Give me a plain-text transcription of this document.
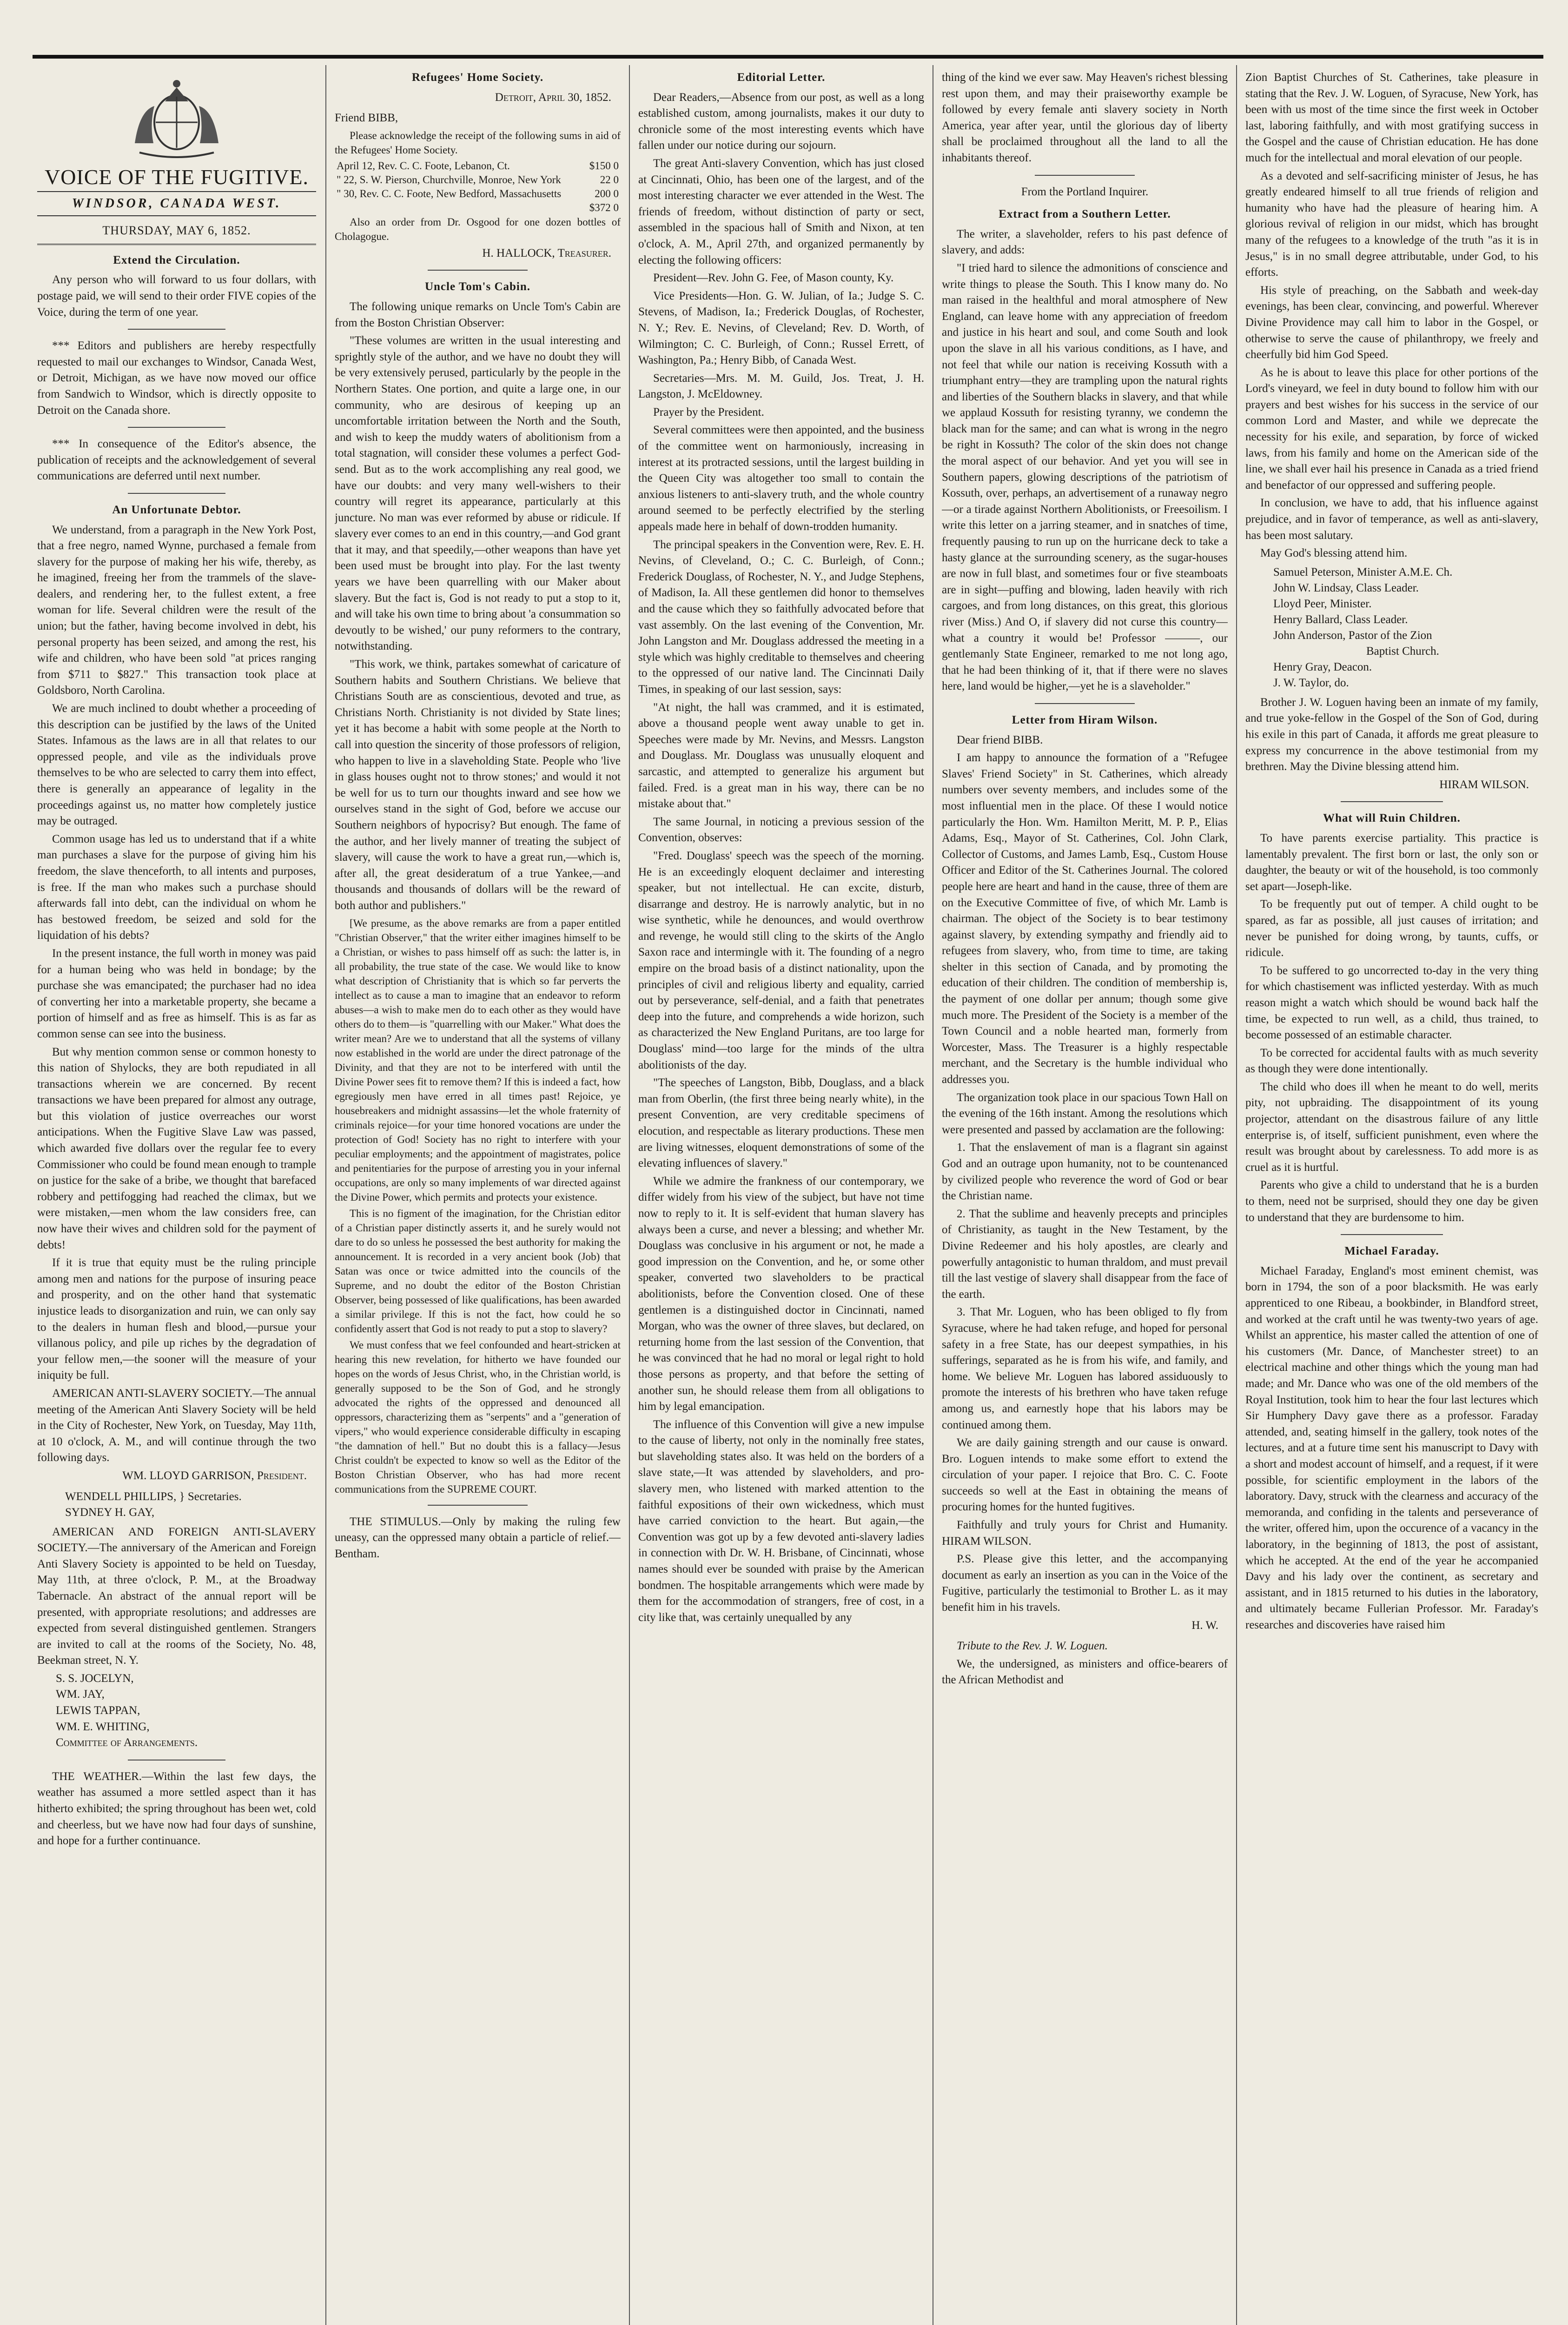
VOICE OF THE FUGITIVE.
WINDSOR, CANADA WEST.
THURSDAY, MAY 6, 1852.
Extend the Circulation.

Any person who will forward to us four dollars, with postage paid, we will send to their order FIVE copies of the Voice, during the term of one year.

*** Editors and publishers are hereby respectfully requested to mail our exchanges to Windsor, Canada West, or Detroit, Michigan, as we have now moved our office from Sandwich to Windsor, which is directly opposite to Detroit on the Canada shore.

*** In consequence of the Editor's absence, the publication of receipts and the acknowledgement of several communications are deferred until next number.

An Unfortunate Debtor.

We understand, from a paragraph in the New York Post, that a free negro, named Wynne, purchased a female from slavery for the purpose of making her his wife, thereby, as he imagined, freeing her from the trammels of the slave-dealers, and rendering her, to the fullest extent, a free woman for life. Several children were the result of the union; but the father, having become involved in debt, his personal property has been seized, and among the rest, his wife and children, who have been sold "at prices ranging from $711 to $827." This transaction took place at Goldsboro, North Carolina.

We are much inclined to doubt whether a proceeding of this description can be justified by the laws of the United States. Infamous as the laws are in all that relates to our oppressed people, and vile as the individuals prove themselves to be who are selected to carry them into effect, there is generally an appearance of legality in the proceedings against us, no matter how completely justice may be outraged.

Common usage has led us to understand that if a white man purchases a slave for the purpose of giving him his freedom, the slave thenceforth, to all intents and purposes, is free. If the man who makes such a purchase should afterwards fall into debt, can the individual on whom he has bestowed freedom, be seized and sold for the liquidation of his debts?

In the present instance, the full worth in money was paid for a human being who was held in bondage; by the purchase she was emancipated; the purchaser had no idea of converting her into a marketable property, she became a portion of himself and as free as himself. This is as far as common sense can see into the business.

But why mention common sense or common honesty to this nation of Shylocks, they are both repudiated in all transactions wherein we are concerned. By recent transactions we have been prepared for almost any outrage, but this violation of justice overreaches our worst anticipations. When the Fugitive Slave Law was passed, which awarded five dollars over the regular fee to every Commissioner who could be found mean enough to trample on justice for the sake of a bribe, we thought that barefaced robbery and pettifogging had reached the climax, but we were mistaken,—men whom the law considers free, can now have their wives and children sold for the payment of debts!

If it is true that equity must be the ruling principle among men and nations for the purpose of insuring peace and prosperity, and on the other hand that systematic injustice leads to disorganization and ruin, we can only say to the dealers in human flesh and blood,—pursue your villanous policy, and pile up riches by the degradation of your fellow men,—the sooner will the measure of your iniquity be full.

AMERICAN ANTI-SLAVERY SOCIETY.—The annual meeting of the American Anti Slavery Society will be held in the City of Rochester, New York, on Tuesday, May 11th, at 10 o'clock, A. M., and will continue through the two following days.

WM. LLOYD GARRISON, President.
WENDELL PHILLIPS, } Secretaries.
SYDNEY H. GAY,

AMERICAN AND FOREIGN ANTI-SLAVERY SOCIETY.—The anniversary of the American and Foreign Anti Slavery Society is appointed to be held on Tuesday, May 11th, at three o'clock, P. M., at the Broadway Tabernacle. An abstract of the annual report will be presented, with appropriate resolutions; and addresses are expected from several distinguished gentlemen. Strangers are invited to call at the rooms of the Society, No. 48, Beekman street, N. Y.

S. S. JOCELYN,
WM. JAY,
LEWIS TAPPAN,
WM. E. WHITING,
Committee of Arrangements.

THE WEATHER.—Within the last few days, the weather has assumed a more settled aspect than it has hitherto exhibited; the spring throughout has been wet, cold and cheerless, but we have now had four days of sunshine, and hope for a further continuance.

Refugees' Home Society.
Detroit, April 30, 1852.

Friend BIBB,

Please acknowledge the receipt of the following sums in aid of the Refugees' Home Society.

April 12, Rev. C. C. Foote, Lebanon, Ct.	$150 0
" 22, S. W. Pierson, Churchville, Monroe, New York	22 0
" 30, Rev. C. C. Foote, New Bedford, Massachusetts	200 0
	$372 0

Also an order from Dr. Osgood for one dozen bottles of Cholagogue.

H. HALLOCK, Treasurer.
Uncle Tom's Cabin.

The following unique remarks on Uncle Tom's Cabin are from the Boston Christian Observer:

"These volumes are written in the usual interesting and sprightly style of the author, and we have no doubt they will be very extensively perused, particularly by the people in the Northern States. One portion, and quite a large one, in our community, who are desirous of keeping up an uncomfortable irritation between the North and the South, and wish to keep the muddy waters of abolitionism from a total stagnation, will consider these volumes a perfect God-send. But as to the work accomplishing any real good, we have our doubts: and very many well-wishers to their country will regret its appearance, particularly at this juncture. No man was ever reformed by abuse or ridicule. If slavery ever comes to an end in this country,—and God grant that it may, and that speedily,—other weapons than have yet been used must be brought into play. For the last twenty years we have been quarrelling with our Maker about slavery. But the fact is, God is not ready to put a stop to it, and will take his own time to bring about 'a consummation so devoutly to be wished,' our puny reformers to the contrary, notwithstanding.

"This work, we think, partakes somewhat of caricature of Southern habits and Southern Christians. We believe that Christians South are as conscientious, devoted and true, as Christians North. Christianity is not divided by State lines; yet it has become a habit with some people at the North to call into question the sincerity of those professors of religion, who happen to live in a slaveholding State. People who 'live in glass houses ought not to throw stones;' and would it not be well for us to turn our thoughts inward and see how we ourselves stand in the sight of God, before we accuse our Southern neighbors of hypocrisy? But enough. The fame of the author, and her lively manner of treating the subject of slavery, will cause the work to have a great run,—which is, after all, the great desideratum of a true Yankee,—and thousands and thousands of dollars will be the reward of both author and publishers."

[We presume, as the above remarks are from a paper entitled "Christian Observer," that the writer either imagines himself to be a Christian, or wishes to pass himself off as such: the latter is, in all probability, the true state of the case. We would like to know what description of Christianity that is which so far perverts the intellect as to cause a man to imagine that an endeavor to reform abuses—a wish to make men do to each other as they would have others do to them—is "quarrelling with our Maker." What does the writer mean? Are we to understand that all the systems of villany now established in the world are under the direct patronage of the Divinity, and that they are not to be interfered with until the Divine Power sees fit to remove them? If this is indeed a fact, how egregiously men have erred in all times past! Rejoice, ye housebreakers and midnight assassins—let the whole fraternity of criminals rejoice—for your time honored vocations are under the protection of God! Society has no right to interfere with your peculiar employments; and the appointment of magistrates, police and penitentiaries for the purpose of arresting you in your infernal occupations, are only so many implements of war directed against the Divine Power, which permits and protects your existence.

This is no figment of the imagination, for the Christian editor of a Christian paper distinctly asserts it, and he surely would not dare to do so unless he possessed the best authority for making the announcement. It is recorded in a very ancient book (Job) that Satan was once or twice admitted into the councils of the Supreme, and no doubt the editor of the Boston Christian Observer, being possessed of like qualifications, has been awarded a similar privilege. If this is not the fact, how could he so confidently assert that God is not ready to put a stop to slavery?

We must confess that we feel confounded and heart-stricken at hearing this new revelation, for hitherto we have founded our hopes on the words of Jesus Christ, who, in the Christian world, is generally supposed to be the Son of God, and he strongly advocated the rights of the oppressed and denounced all oppressors, characterizing them as "serpents" and a "generation of vipers," who would experience considerable difficulty in escaping "the damnation of hell." But no doubt this is a fallacy—Jesus Christ couldn't be expected to know so well as the Editor of the Boston Christian Observer, who has had more recent communications from the SUPREME COURT.

THE STIMULUS.—Only by making the ruling few uneasy, can the oppressed many obtain a particle of relief.—Bentham.

Editorial Letter.

Dear Readers,—Absence from our post, as well as a long established custom, among journalists, makes it our duty to chronicle some of the most interesting events which have fallen under our notice during our sojourn.

The great Anti-slavery Convention, which has just closed at Cincinnati, Ohio, has been one of the largest, and of the most interesting character we ever attended in the West. The friends of freedom, without distinction of party or sect, assembled in the spacious hall of Smith and Nixon, at ten o'clock, A. M., April 27th, and organized permanently by electing the following officers:

President—Rev. John G. Fee, of Mason county, Ky.

Vice Presidents—Hon. G. W. Julian, of Ia.; Judge S. C. Stevens, of Madison, Ia.; Frederick Douglas, of Rochester, N. Y.; Rev. E. Nevins, of Cleveland; Rev. D. Worth, of Wilmington; C. C. Burleigh, of Conn.; Russel Errett, of Washington, Pa.; Henry Bibb, of Canada West.

Secretaries—Mrs. M. M. Guild, Jos. Treat, J. H. Langston, J. McEldowney.

Prayer by the President.

Several committees were then appointed, and the business of the committee went on harmoniously, increasing in interest at its protracted sessions, until the largest building in the Queen City was altogether too small to contain the anxious listeners to anti-slavery truth, and the whole country around seemed to be perfectly electrified by the sterling appeals made here in behalf of down-trodden humanity.

The principal speakers in the Convention were, Rev. E. H. Nevins, of Cleveland, O.; C. C. Burleigh, of Conn.; Frederick Douglass, of Rochester, N. Y., and Judge Stephens, of Madison, Ia. All these gentlemen did honor to themselves and the cause which they so faithfully advocated before that vast assembly. On the last evening of the Convention, Mr. John Langston and Mr. Douglass addressed the meeting in a style which was highly creditable to themselves and cheering to the oppressed of our native land. The Cincinnati Daily Times, in speaking of our last session, says:

"At night, the hall was crammed, and it is estimated, above a thousand people went away unable to get in. Speeches were made by Mr. Nevins, and Messrs. Langston and Douglass. Mr. Douglass was unusually eloquent and sarcastic, and attempted to generalize his argument but failed. Fred. is a great man in his way, there can be no mistake about that."

The same Journal, in noticing a previous session of the Convention, observes:

"Fred. Douglass' speech was the speech of the morning. He is an exceedingly eloquent declaimer and interesting speaker, but not intellectual. He can excite, disturb, disarrange and destroy. He is narrowly analytic, but in no wise synthetic, while he denounces, and would overthrow and revenge, he would still cling to the skirts of the Anglo Saxon race and intermingle with it. The founding of a negro empire on the broad basis of a distinct nationality, upon the principles of civil and religious liberty and equality, carried out by perseverance, self-denial, and a faith that penetrates deep into the future, and comprehends a wide horizon, such as characterized the New England Puritans, are too large for Douglass' mind—too large for the minds of the ultra abolitionists of the day.

"The speeches of Langston, Bibb, Douglass, and a black man from Oberlin, (the first three being nearly white), in the present Convention, are very creditable specimens of elocution, and respectable as literary productions. These men are living witnesses, eloquent demonstrations of some of the elevating influences of slavery."

While we admire the frankness of our contemporary, we differ widely from his view of the subject, but have not time now to reply to it. It is self-evident that human slavery has always been a curse, and never a blessing; and whether Mr. Douglass was conclusive in his argument or not, he made a good impression on the Convention, and he, or some other speaker, converted two slaveholders to be practical abolitionists, before the Convention closed. One of these gentlemen is a distinguished doctor in Cincinnati, named Morgan, who was the owner of three slaves, but declared, on returning home from the last session of the Convention, that he was convinced that he had no moral or legal right to hold those persons as property, and that before the setting of another sun, he should release them from all obligations to him by legal emancipation.

The influence of this Convention will give a new impulse to the cause of liberty, not only in the nominally free states, but slaveholding states also. It was held on the borders of a slave state,—It was attended by slaveholders, and pro-slavery men, who listened with marked attention to the faithful expositions of their own wickedness, which must have carried conviction to the heart. But again,—the Convention was got up by a few devoted anti-slavery ladies in connection with Dr. W. H. Brisbane, of Cincinnati, whose names should ever be sounded with praise by the American bondmen. The hospitable arrangements which were made by them for the accommodation of strangers, free of cost, in a city like that, was certainly unequalled by any

thing of the kind we ever saw. May Heaven's richest blessing rest upon them, and may their praiseworthy example be followed by every female anti slavery society in North America, year after year, until the glorious day of liberty shall be proclaimed throughout all the land to all the inhabitants thereof.

From the Portland Inquirer.
Extract from a Southern Letter.

The writer, a slaveholder, refers to his past defence of slavery, and adds:

"I tried hard to silence the admonitions of conscience and write things to please the South. This I know many do. No man raised in the healthful and moral atmosphere of New England, can leave home with any appreciation of freedom and justice in his heart and soul, and come South and look upon the slave in all his various conditions, as I have, and not feel that while our nation is receiving Kossuth with a triumphant entry—they are trampling upon the natural rights and liberties of the Southern blacks in slavery, and that while we applaud Kossuth for resisting tyranny, we condemn the black man for the same; and can what is wrong in the negro be right in Kossuth? The color of the skin does not change the moral aspect of our behavior. And yet you will see in Southern papers, glowing descriptions of the patriotism of Kossuth, over, perhaps, an advertisement of a runaway negro—or a tirade against Northern Abolitionists, or Freesoilism. I write this letter on a jarring steamer, and in snatches of time, frequently pausing to run up on the hurricane deck to take a hasty glance at the surrounding scenery, as the sugar-houses are now in full blast, and sometimes four or five steamboats are in sight—puffing and blowing, laden heavily with rich cargoes, and from long distances, on this great, this glorious river (Miss.) And O, if slavery did not curse this country—what a country it would be! Professor ———, our gentlemanly State Engineer, remarked to me not long ago, that he had been thinking of it, that if there were no slaves here, land would be higher,—yet he is a slaveholder."

Letter from Hiram Wilson.

Dear friend BIBB.

I am happy to announce the formation of a "Refugee Slaves' Friend Society" in St. Catherines, which already numbers over seventy members, and includes some of the most influential men in the place. Of these I would notice particularly the Hon. Wm. Hamilton Meritt, M. P. P., Elias Adams, Esq., Mayor of St. Catherines, Col. John Clark, Collector of Customs, and James Lamb, Esq., Custom House Officer and Editor of the St. Catherines Journal. The colored people here are heart and hand in the cause, three of them are on the Executive Committee of five, of which Mr. Lamb is chairman. The object of the Society is to bear testimony against slavery, by extending sympathy and friendly aid to refugees from slavery, who, from time to time, are taking shelter in this section of Canada, and by promoting the education of their children. The condition of membership is, the payment of one dollar per annum; though some give much more. The President of the Society is a member of the Town Council and a noble hearted man, formerly from Worcester, Mass. The Treasurer is a highly respectable merchant, and the Secretary is the humble individual who addresses you.

The organization took place in our spacious Town Hall on the evening of the 16th instant. Among the resolutions which were presented and passed by acclamation are the following:

1. That the enslavement of man is a flagrant sin against God and an outrage upon humanity, not to be countenanced by civilized people who reverence the word of God or bear the Christian name.

2. That the sublime and heavenly precepts and principles of Christianity, as taught in the New Testament, by the Divine Redeemer and his holy apostles, are clearly and powerfully antagonistic to human thraldom, and must prevail till the last vestige of slavery shall disappear from the face of the earth.

3. That Mr. Loguen, who has been obliged to fly from Syracuse, where he had taken refuge, and hoped for personal safety in a free State, has our deepest sympathies, in his sufferings, separated as he is from his wife, and family, and home. We believe Mr. Loguen has labored assiduously to promote the interests of his brethren who have taken refuge among us, and earnestly hope that his labors may be continued among them.

We are daily gaining strength and our cause is onward. Bro. Loguen intends to make some effort to extend the circulation of your paper. I rejoice that Bro. C. C. Foote succeeds so well at the East in obtaining the means of procuring homes for the hunted fugitives.

Faithfully and truly yours for Christ and Humanity. HIRAM WILSON.

P.S. Please give this letter, and the accompanying document as early an insertion as you can in the Voice of the Fugitive, particularly the testimonial to Brother L. as it may benefit him in his travels.

H. W.

Tribute to the Rev. J. W. Loguen.

We, the undersigned, as ministers and office-bearers of the African Methodist and

Zion Baptist Churches of St. Catherines, take pleasure in stating that the Rev. J. W. Loguen, of Syracuse, New York, has been with us most of the time since the first week in October last, laboring faithfully, and with most gratifying success in the Gospel and the cause of Christian education. He has done much for the intellectual and moral elevation of our people.

As a devoted and self-sacrificing minister of Jesus, he has greatly endeared himself to all true friends of religion and humanity who have had the pleasure of hearing him. A glorious revival of religion in our midst, which has brought many of the refugees to a knowledge of the truth "as it is in Jesus," is in no small degree attributable, under God, to his efforts.

His style of preaching, on the Sabbath and week-day evenings, has been clear, convincing, and powerful. Wherever Divine Providence may call him to labor in the Gospel, or otherwise to serve the cause of philanthropy, we freely and cheerfully bid him God Speed.

As he is about to leave this place for other portions of the Lord's vineyard, we feel in duty bound to follow him with our prayers and best wishes for his success in the service of our common Lord and Master, and while we deprecate the necessity for his exile, and separation, by force of wicked laws, from his family and home on the American side of the line, we shall ever hail his presence in Canada as a tried friend and benefactor of our oppressed and suffering people.

In conclusion, we have to add, that his influence against prejudice, and in favor of temperance, as well as anti-slavery, has been most salutary.

May God's blessing attend him.

Samuel Peterson, Minister A.M.E. Ch.
John W. Lindsay, Class Leader.
Lloyd Peer, Minister.
Henry Ballard, Class Leader.
John Anderson, Pastor of the Zion
Baptist Church.
Henry Gray, Deacon.
J. W. Taylor, do.

Brother J. W. Loguen having been an inmate of my family, and true yoke-fellow in the Gospel of the Son of God, during his exile in this part of Canada, it affords me great pleasure to express my concurrence in the above testimonial from my brethren. May the Divine blessing attend him.

HIRAM WILSON.
What will Ruin Children.

To have parents exercise partiality. This practice is lamentably prevalent. The first born or last, the only son or daughter, the beauty or wit of the household, is too commonly set apart—Joseph-like.

To be frequently put out of temper. A child ought to be spared, as far as possible, all just causes of irritation; and never be punished for doing wrong, by taunts, cuffs, or ridicule.

To be suffered to go uncorrected to-day in the very thing for which chastisement was inflicted yesterday. With as much reason might a watch which should be wound back half the time, be expected to run well, as a child, thus trained, to become possessed of an estimable character.

To be corrected for accidental faults with as much severity as though they were done intentionally.

The child who does ill when he meant to do well, merits pity, not upbraiding. The disappointment of its young projector, attendant on the disastrous failure of any little enterprise is, of itself, sufficient punishment, even where the result was brought about by carelessness. To add more is as cruel as it is hurtful.

Parents who give a child to understand that he is a burden to them, need not be surprised, should they one day be given to understand that they are burdensome to him.

Michael Faraday.

Michael Faraday, England's most eminent chemist, was born in 1794, the son of a poor blacksmith. He was early apprenticed to one Ribeau, a bookbinder, in Blandford street, and worked at the craft until he was twenty-two years of age. Whilst an apprentice, his master called the attention of one of his customers (Mr. Dance, of Manchester street) to an electrical machine and other things which the young man had made; and Mr. Dance who was one of the old members of the Royal Institution, took him to hear the four last lectures which Sir Humphery Davy gave there as a professor. Faraday attended, and, seating himself in the gallery, took notes of the lectures, and at a future time sent his manuscript to Davy with a short and modest account of himself, and a request, if it were possible, for scientific employment in the labors of the laboratory. Davy, struck with the clearness and accuracy of the memoranda, and confiding in the talents and perseverance of the writer, offered him, upon the occurence of a vacancy in the laboratory, in the beginning of 1813, the post of assistant, which he accepted. At the end of the year he accompanied Davy and his lady over the continent, as secretary and assistant, and in 1815 returned to his duties in the laboratory, and ultimately became Fullerian Professor. Mr. Faraday's researches and discoveries have raised him
